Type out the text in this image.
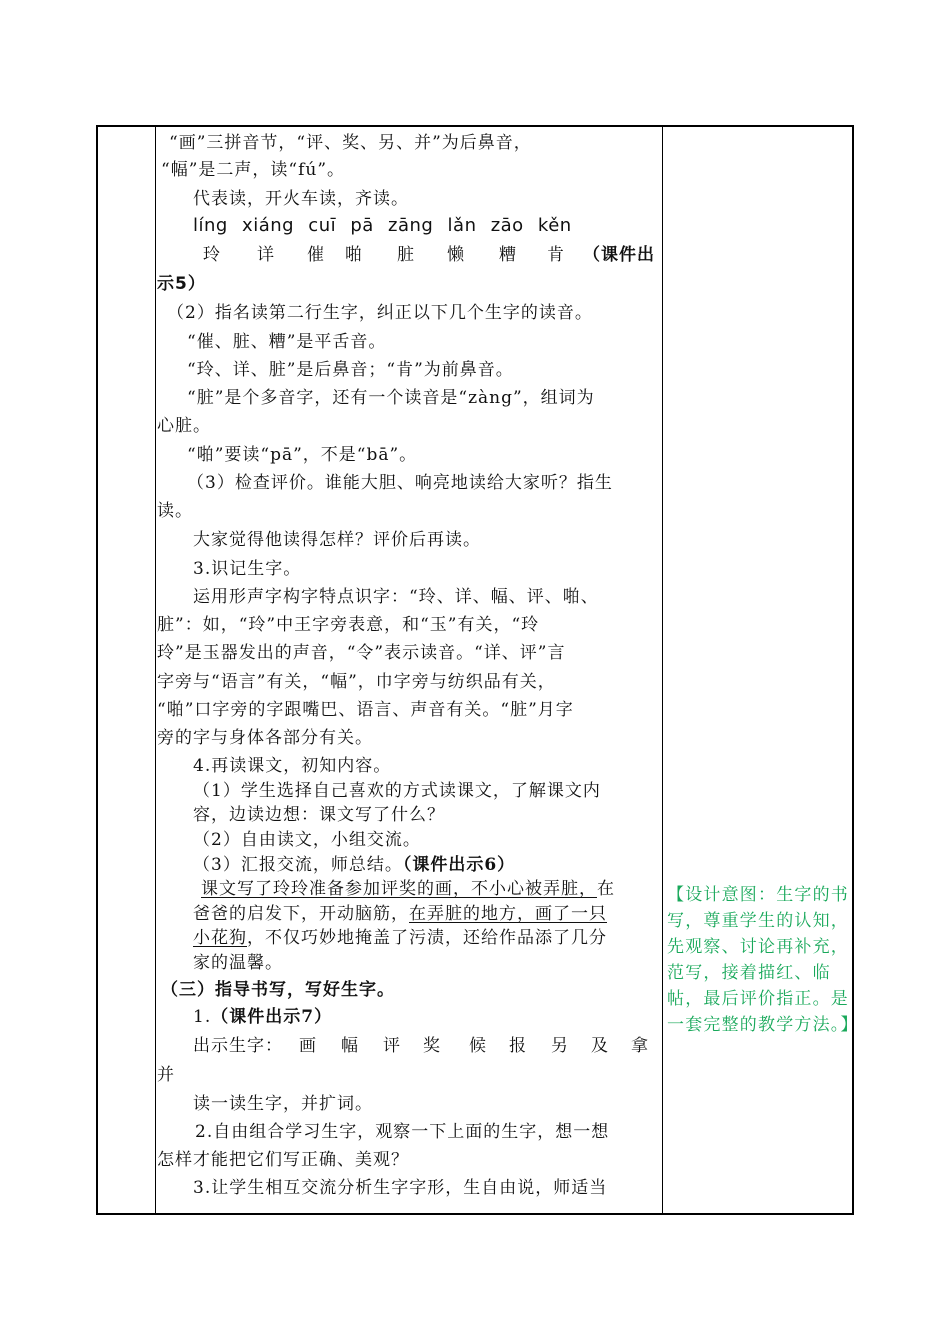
“画”三拼音节，“评、奖、另、并”为后鼻音，
“幅”是二声，读“fú”。
代表读，开火车读，齐读。
líng xiáng cuī pā zāng lǎn zāo kěn
玲 详 催 啪 脏 懒 糟 肯 （课件出
示5）
（2）指名读第二行生字，纠正以下几个生字的读音。
“催、脏、糟”是平舌音。
“玲、详、脏”是后鼻音；“肯”为前鼻音。
“脏”是个多音字，还有一个读音是“zàng”，组词为
心脏。
“啪”要读“pā”，不是“bā”。
（3）检查评价。谁能大胆、响亮地读给大家听？指生
读。
大家觉得他读得怎样？评价后再读。
3.识记生字。
运用形声字构字特点识字：“玲、详、幅、评、啪、
脏”：如，“玲”中王字旁表意，和“玉”有关，“玲
玲”是玉器发出的声音，“令”表示读音。“详、评”言
字旁与“语言”有关，“幅”，巾字旁与纺织品有关，
“啪”口字旁的字跟嘴巴、语言、声音有关。“脏”月字
旁的字与身体各部分有关。
4.再读课文，初知内容。
（1）学生选择自己喜欢的方式读课文，了解课文内
容，边读边想：课文写了什么？
（2）自由读文，小组交流。
（3）汇报交流，师总结。（课件出示6）
课文写了玲玲准备参加评奖的画，不小心被弄脏，在
爸爸的启发下，开动脑筋，在弄脏的地方，画了一只
小花狗，不仅巧妙地掩盖了污渍，还给作品添了几分
家的温馨。
（三）指导书写，写好生字。
1.（课件出示7）
出示生字： 画 幅 评 奖 候 报 另 及 拿
并
读一读生字，并扩词。
2.自由组合学习生字，观察一下上面的生字，想一想
怎样才能把它们写正确、美观？
3.让学生相互交流分析生字字形，生自由说，师适当
【设计意图：生字的书写，尊重学生的认知，先观察、讨论再补充，范写，接着描红、临帖，最后评价指正。是一套完整的教学方法。】
